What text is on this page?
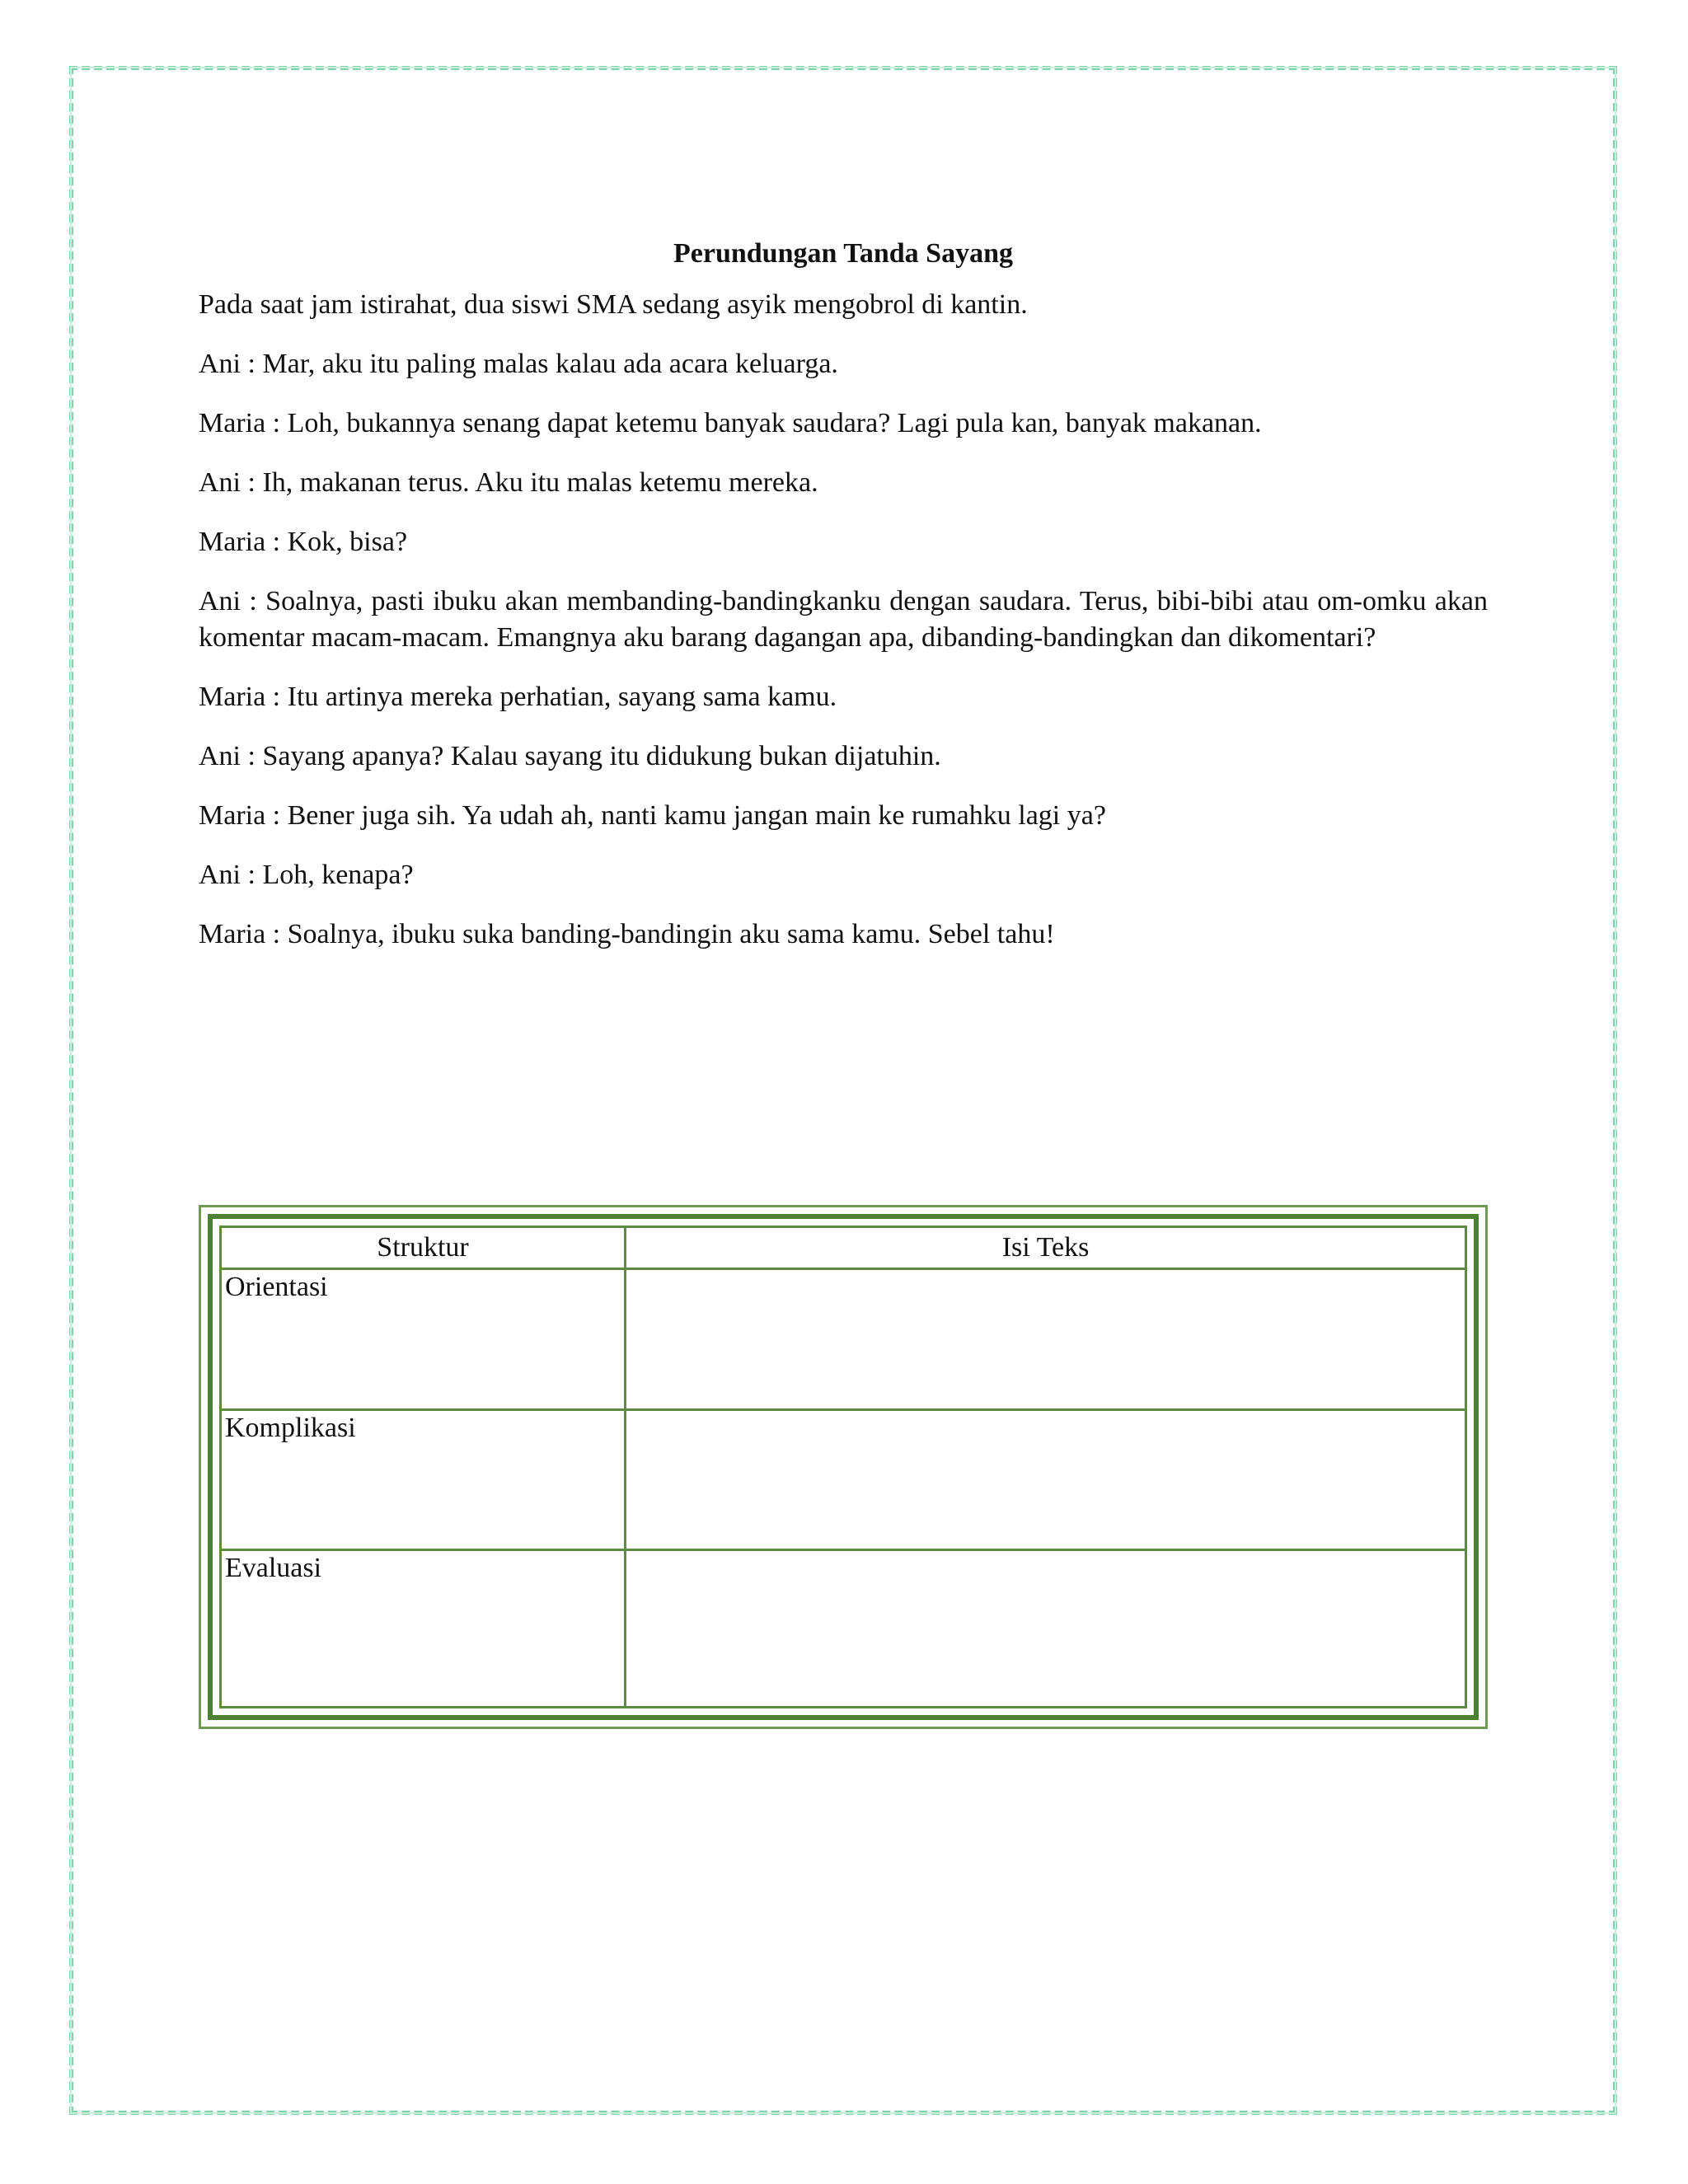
Perundungan Tanda Sayang

Pada saat jam istirahat, dua siswi SMA sedang asyik mengobrol di kantin.

Ani : Mar, aku itu paling malas kalau ada acara keluarga.

Maria : Loh, bukannya senang dapat ketemu banyak saudara? Lagi pula kan, banyak makanan.

Ani : Ih, makanan terus. Aku itu malas ketemu mereka.

Maria : Kok, bisa?

Ani : Soalnya, pasti ibuku akan membanding-bandingkanku dengan saudara. Terus, bibi-bibi atau om-omku akan komentar macam-macam. Emangnya aku barang dagangan apa, dibanding-bandingkan dan dikomentari?

Maria : Itu artinya mereka perhatian, sayang sama kamu.

Ani : Sayang apanya? Kalau sayang itu didukung bukan dijatuhin.

Maria : Bener juga sih. Ya udah ah, nanti kamu jangan main ke rumahku lagi ya?

Ani : Loh, kenapa?

Maria : Soalnya, ibuku suka banding-bandingin aku sama kamu. Sebel tahu!

Struktur	Isi Teks
Orientasi	
Komplikasi	
Evaluasi	
